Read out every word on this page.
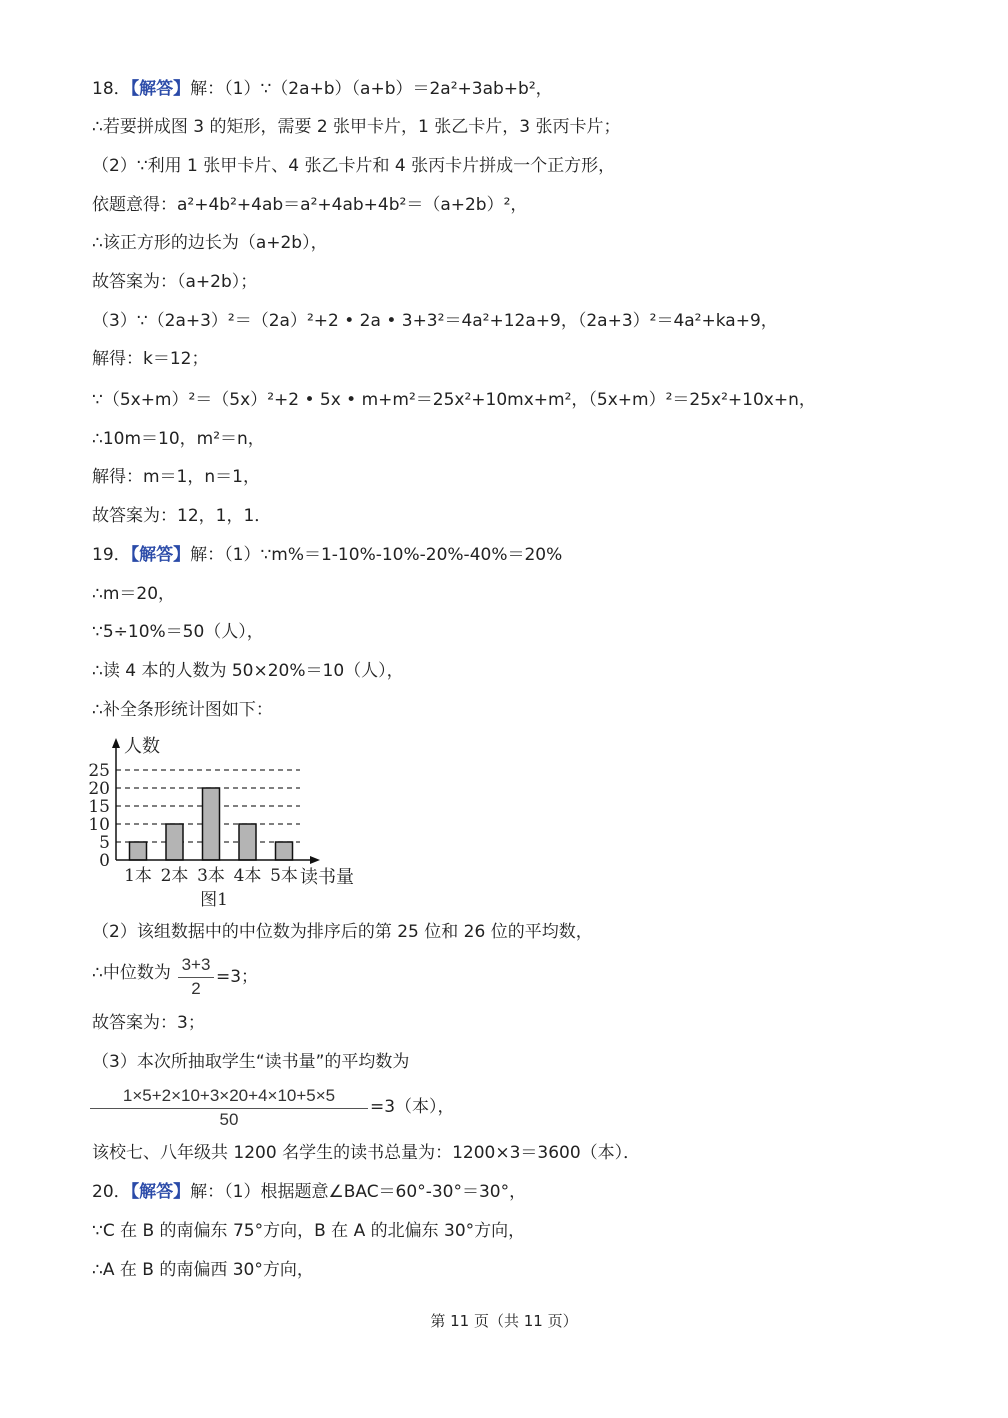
18．【解答】解：（1）∵（2a+b）（a+b）＝2a²+3ab+b²，
∴若要拼成图 3 的矩形，需要 2 张甲卡片，1 张乙卡片，3 张丙卡片；
（2）∵利用 1 张甲卡片、4 张乙卡片和 4 张丙卡片拼成一个正方形，
依题意得：a²+4b²+4ab＝a²+4ab+4b²＝（a+2b）²，
∴该正方形的边长为（a+2b），
故答案为：（a+2b）；
（3）∵（2a+3）²＝（2a）²+2 • 2a • 3+3²＝4a²+12a+9，（2a+3）²＝4a²+ka+9，
解得：k＝12；
∵（5x+m）²＝（5x）²+2 • 5x • m+m²＝25x²+10mx+m²，（5x+m）²＝25x²+10x+n，
∴10m＝10，m²＝n，
解得：m＝1，n＝1，
故答案为：12，1，1．
19．【解答】解：（1）∵m%＝1-10%-10%-20%-40%＝20%
∴m＝20，
∵5÷10%＝50（人），
∴读 4 本的人数为 50×20%＝10（人），
∴补全条形统计图如下：
0
5
10
15
20
25
1本 2本 3本 4本 5本
人数
读书量
图1
（2）该组数据中的中位数为排序后的第 25 位和 26 位的平均数，
∴中位数为 3+3
2
=3；
故答案为：3；
（3）本次所抽取学生“读书量”的平均数为
1×5+2×10+3×20+4×10+5×5
50
=3（本），
该校七、八年级共 1200 名学生的读书总量为：1200×3＝3600（本）．
20．【解答】解：（1）根据题意∠BAC＝60°-30°＝30°，
∵C 在 B 的南偏东 75°方向，B 在 A 的北偏东 30°方向，
∴A 在 B 的南偏西 30°方向，
第 11 页（共 11 页）
